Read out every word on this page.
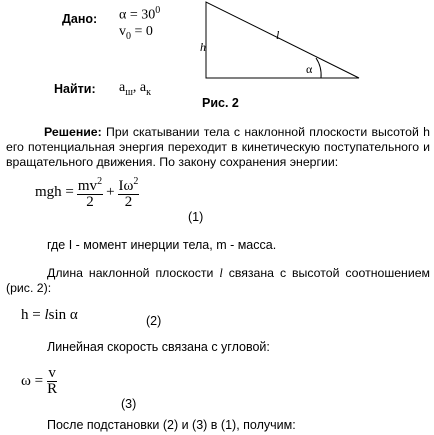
Дано: $\alpha = 30^0$
$v_0 = 0$
Найти: $a_ш$, $a_к$
h
l
α
Рис. 2
Решение: При скатывании тела с наклонной плоскости высотой h его потенциальная энергия переходит в кинетическую поступательного и вращательного движения. По закону сохранения энергии:
mgh = $\frac{mv^2}{2} + \frac{I\omega^2}{2}$
(1)
где I - момент инерции тела, m - масса.
Длина наклонной плоскости l связана с высотой соотношением (рис. 2):
h = lsin α	(2)
Линейная скорость связана с угловой:
$\omega = \frac{v}{R}$
(3)
После подстановки (2) и (3) в (1), получим:
